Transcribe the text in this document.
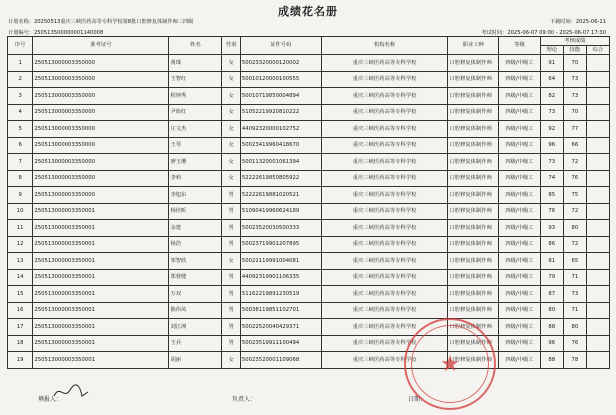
成绩花名册
计划名称：20250513重庆三峡医药高等专科学校第8批口腔修复体制作师三四级	下载时间：2025-06-11
计划编号：250513500000001140008	考试时间：2025-06-07 09:00 - 2025-06-07 17:30
序号	准考证号	姓名	性别	证件号码	机构名称	职业工种	等级	考核成绩		
								理论	技能	综合
1	250513000003350000	黄璨	女	50023320000120002	重庆三峡医药高等专科学校	口腔修复体制作师	四级/中级工	91	70	
2	250513000003350000	王智红	女	50010120000100555	重庆三峡医药高等专科学校	口腔修复体制作师	四级/中级工	64	73	
3	250513000003350000	程钟秀	女	50010719850004894	重庆三峡医药高等专科学校	口腔修复体制作师	四级/中级工	82	73	
4	250513000003350000	尹焰红	女	51052219920810222	重庆三峡医药高等专科学校	口腔修复体制作师	四级/中级工	73	70	
5	250513000003350000	庄文杰	女	44092320000102752	重庆三峡医药高等专科学校	口腔修复体制作师	四级/中级工	92	77	
6	250513000003350000	王琴	女	50023419960418670	重庆三峡医药高等专科学校	口腔修复体制作师	四级/中级工	96	66	
7	250513000003350000	廖玉珊	女	50011320001061394	重庆三峡医药高等专科学校	口腔修复体制作师	四级/中级工	73	72	
8	250513000003350000	李莉	女	52222619850805922	重庆三峡医药高等专科学校	口腔修复体制作师	四级/中级工	74	76	
9	250513000003350000	李旭东	男	52222619881020521	重庆三峡医药高等专科学校	口腔修复体制作师	四级/中级工	85	75	
10	250513000003350001	杨佳昕	男	51090419960624189	重庆三峡医药高等专科学校	口腔修复体制作师	四级/中级工	76	72	
11	250513000003350001	余建	男	50023520030500333	重庆三峡医药高等专科学校	口腔修复体制作师	四级/中级工	93	80	
12	250513000003350001	杨浩	男	50023719901207895	重庆三峡医药高等专科学校	口腔修复体制作师	四级/中级工	86	72	
13	250513000003350001	邹智欣	女	50022119991004081	重庆三峡医药高等专科学校	口腔修复体制作师	四级/中级工	81	65	
14	250513000003350001	郑督健	男	44092319901106335	重庆三峡医药高等专科学校	口腔修复体制作师	四级/中级工	79	71	
15	250513000003350001	万双	男	51162219891230519	重庆三峡医药高等专科学校	口腔修复体制作师	四级/中级工	87	73	
16	250513000003350001	陈伟凤	男	50038119851102701	重庆三峡医药高等专科学校	口腔修复体制作师	四级/中级工	80	71	
17	250513000003350001	刘江洲	男	50022520040429371	重庆三峡医药高等专科学校	口腔修复体制作师	四级/中级工	88	80	
18	250513000003350001	王兵	男	50023519911100494	重庆三峡医药高等专科学校	口腔修复体制作师	四级/中级工	96	76	
19	250513000003350001	胡丽	女	50023520001109068	重庆三峡医药高等专科学校	口腔修复体制作师	四级/中级工	88	78	
填报人：	负责人：	日期：
★
